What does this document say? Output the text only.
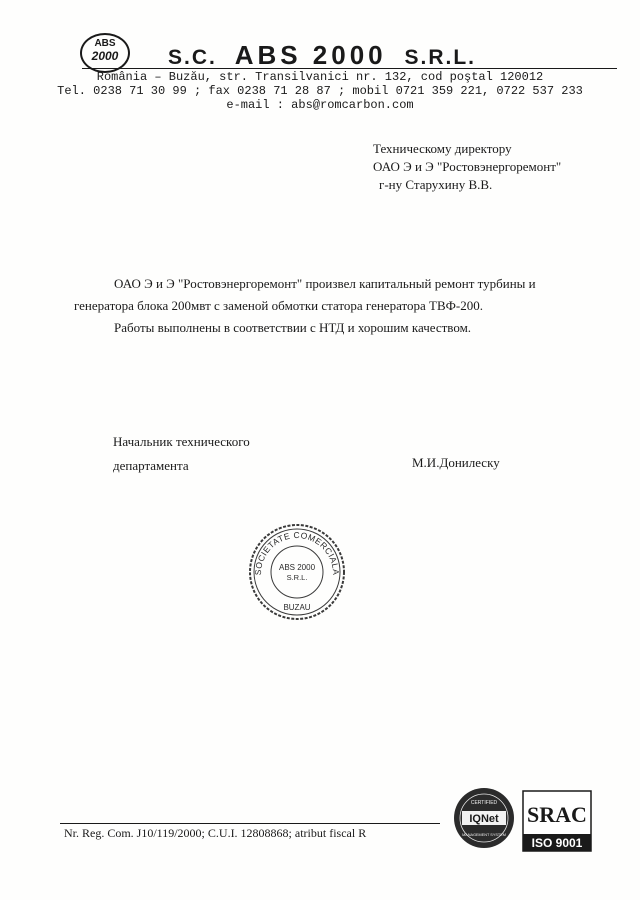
ABS
2000	S.C. ABS 2000 S.R.L.
România – Buzău, str. Transilvanici nr. 132, cod poştal 120012
Tel. 0238 71 30 99 ; fax 0238 71 28 87 ; mobil 0721 359 221, 0722 537 233
e-mail : abs@romcarbon.com
Техническому директору
ОАО Э и Э "Ростовэнергоремонт"
г-ну Старухину В.В.

ОАО Э и Э "Ростовэнергоремонт" произвел капитальный ремонт турбины и

генератора блока 200мвт с заменой обмотки статора генератора ТВФ-200.

Работы выполнены в соответствии с НТД и хорошим качеством.

Начальник технического
департамента	М.И.Донилеску
SOCIETATE COMERCIALA
ABS 2000
S.R.L.
BUZAU
Nr. Reg. Com. J10/119/2000; C.U.I. 12808868; atribut fiscal R
IQNet
CERTIFIED
MANAGEMENT SYSTEM
SRAC
ISO 9001
